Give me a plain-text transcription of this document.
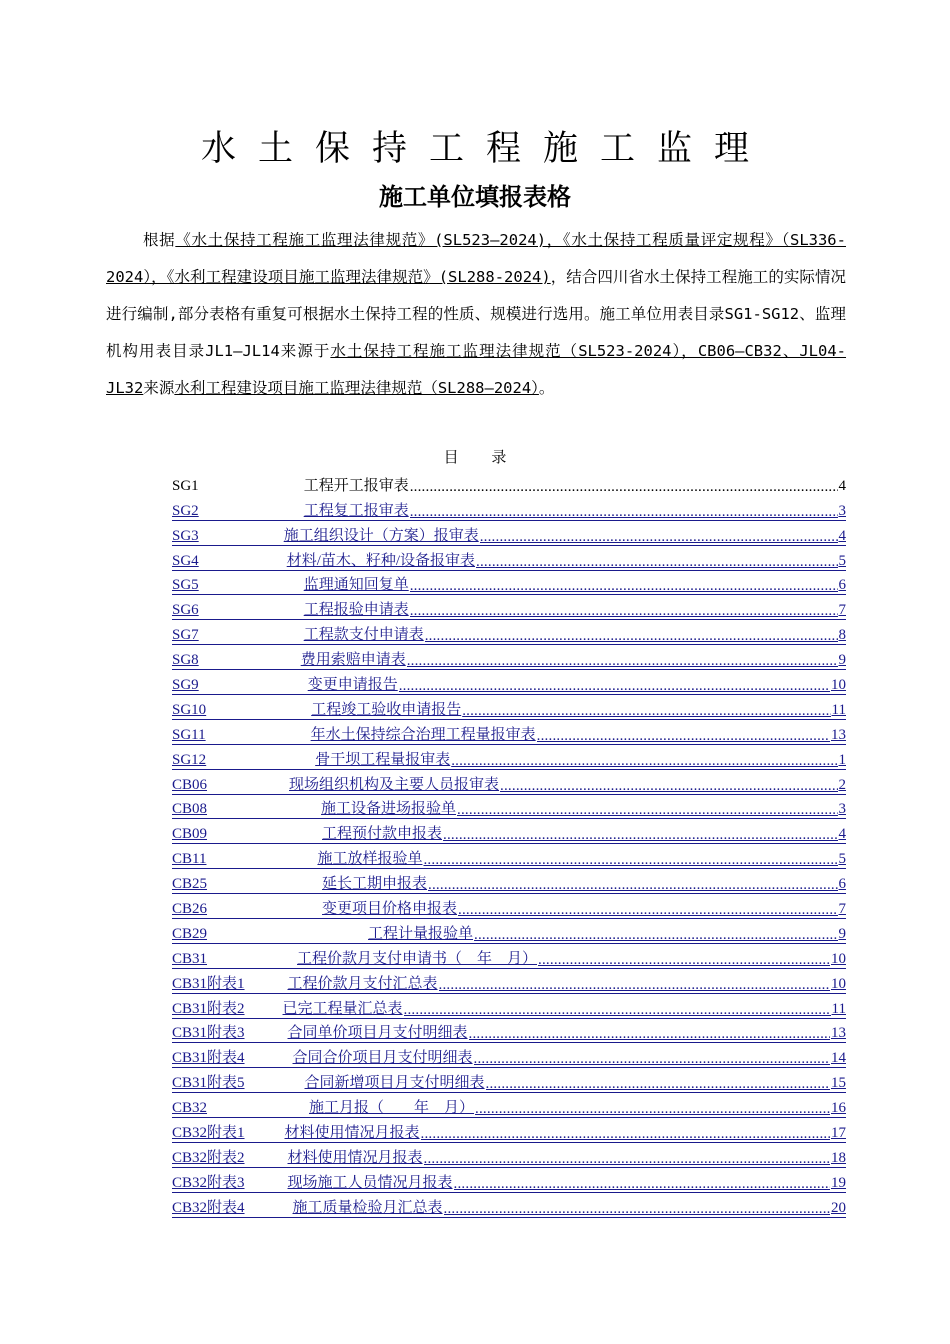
水土保持工程施工监理
施工单位填报表格

根据《水土保持工程施工监理法律规范》(SL523—2024)，《水土保持工程质量评定规程》（SL336-2024），《水利工程建设项目施工监理法律规范》(SL288-2024)，结合四川省水土保持工程施工的实际情况进行编制,部分表格有重复可根据水土保持工程的性质、规模进行选用。施工单位用表目录SG1-SG12、监理机构用表目录JL1—JL14来源于水土保持工程施工监理法律规范（SL523-2024），CB06—CB32、JL04-JL32来源水利工程建设项目施工监理法律规范（SL288—2024）。

目 录
SG1	工程开工报审表 .....	4
SG2	工程复工报审表 .....	3
SG3	施工组织设计（方案）报审表 .....	4
SG4	材料/苗木、籽种/设备报审表 .....	5
SG5	监理通知回复单 .....	6
SG6	工程报验申请表 .....	7
SG7	工程款支付申请表 .....	8
SG8	费用索赔申请表 .....	9
SG9	变更申请报告 .....	10
SG10	工程竣工验收申请报告 .....	11
SG11	年水土保持综合治理工程量报审表 .....	13
SG12	骨干坝工程量报审表 .....	1
CB06	现场组织机构及主要人员报审表 .....	2
CB08	施工设备进场报验单 .....	3
CB09	工程预付款申报表 .....	4
CB11	施工放样报验单 .....	5
CB25	延长工期申报表 .....	6
CB26	变更项目价格申报表 .....	7
CB29	工程计量报验单 .....	9
CB31	工程价款月支付申请书（　年　月） .....	10
CB31附表1	工程价款月支付汇总表 .....	10
CB31附表2	已完工程量汇总表 .....	11
CB31附表3	合同单价项目月支付明细表 .....	13
CB31附表4	合同合价项目月支付明细表 .....	14
CB31附表5	合同新增项目月支付明细表 .....	15
CB32	施工月报（　　年　月） .....	16
CB32附表1	材料使用情况月报表 .....	17
CB32附表2	材料使用情况月报表 .....	18
CB32附表3	现场施工人员情况月报表 .....	19
CB32附表4	施工质量检验月汇总表 .....	20
